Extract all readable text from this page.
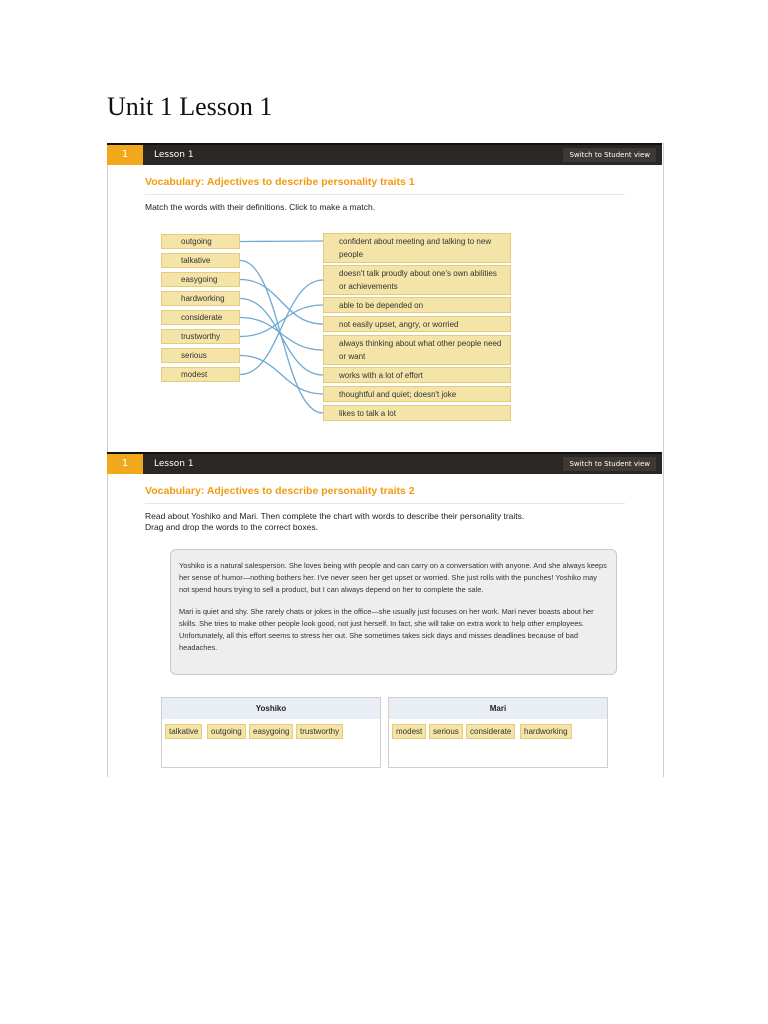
Unit 1 Lesson 1
1	Lesson 1	Switch to Student view
Vocabulary: Adjectives to describe personality traits 1
Match the words with their definitions. Click to make a match.
outgoing
talkative
easygoing
hardworking
considerate
trustworthy
serious
modest
confident about meeting and talking to new people
doesn't talk proudly about one's own abilities or achievements
able to be depended on
not easily upset, angry, or worried
always thinking about what other people need or want
works with a lot of effort
thoughtful and quiet; doesn't joke
likes to talk a lot
1	Lesson 1	Switch to Student view
Vocabulary: Adjectives to describe personality traits 2
Read about Yoshiko and Mari. Then complete the chart with words to describe their personality traits.
Drag and drop the words to the correct boxes.

Yoshiko is a natural salesperson. She loves being with people and can carry on a conversation with anyone. And she always keeps her sense of humor—nothing bothers her. I've never seen her get upset or worried. She just rolls with the punches! Yoshiko may not spend hours trying to sell a product, but I can always depend on her to complete the sale.

Mari is quiet and shy. She rarely chats or jokes in the office—she usually just focuses on her work. Mari never boasts about her skills. She tries to make other people look good, not just herself. In fact, she will take on extra work to help other employees. Unfortunately, all this effort seems to stress her out. She sometimes takes sick days and misses deadlines because of bad headaches.

Yoshiko
talkative	outgoing	easygoing	trustworthy
Mari
modest	serious	considerate	hardworking
